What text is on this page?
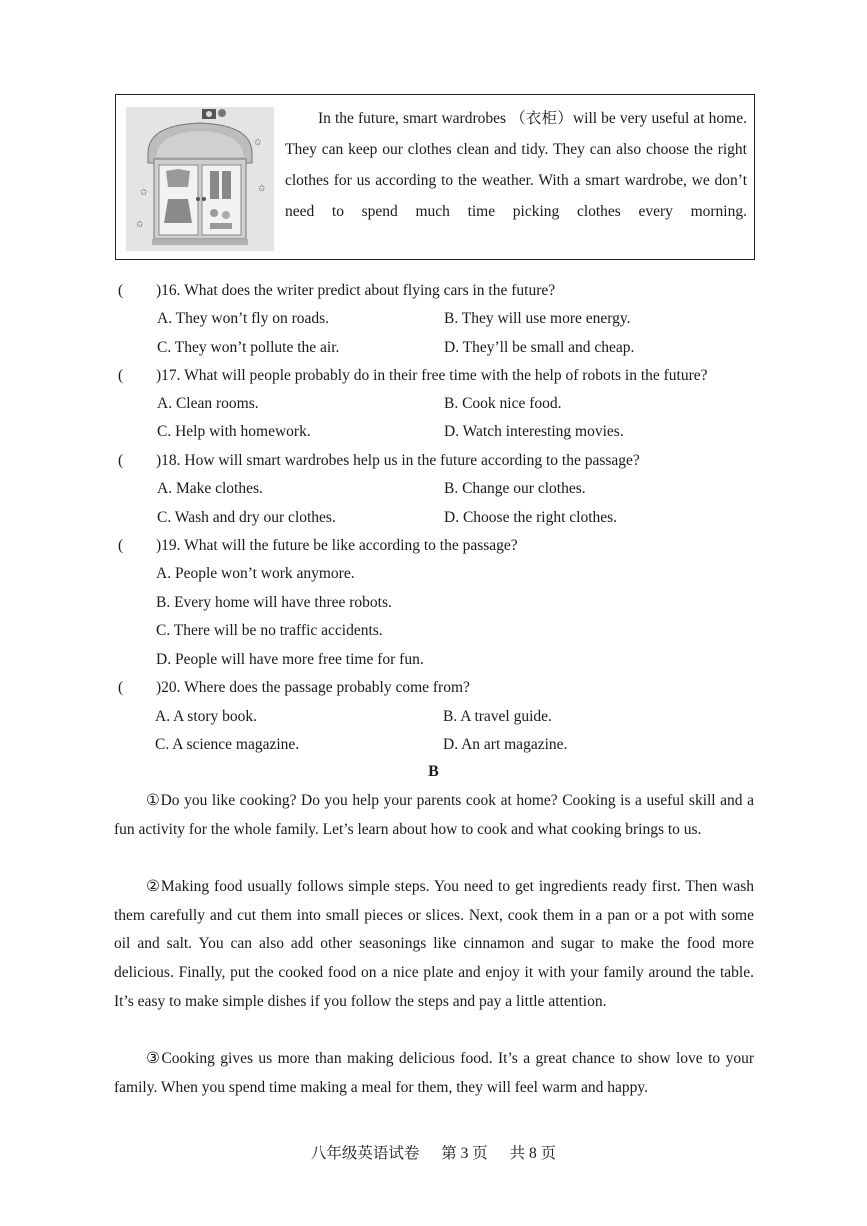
✩
✩
✩
✩
In the future, smart wardrobes （衣柜）will be very useful at home. They can keep our clothes clean and tidy. They can also choose the right clothes for us according to the weather. With a smart wardrobe, we don’t need to spend much time picking clothes every morning.
( )16. What does the writer predict about flying cars in the future?
A. They won’t fly on roads.	B. They will use more energy.
C. They won’t pollute the air.	D. They’ll be small and cheap.
( )17. What will people probably do in their free time with the help of robots in the future?
A. Clean rooms.	B. Cook nice food.
C. Help with homework.	D. Watch interesting movies.
( )18. How will smart wardrobes help us in the future according to the passage?
A. Make clothes.	B. Change our clothes.
C. Wash and dry our clothes.	D. Choose the right clothes.
( )19. What will the future be like according to the passage?
A. People won’t work anymore.
B. Every home will have three robots.
C. There will be no traffic accidents.
D. People will have more free time for fun.
( )20. Where does the passage probably come from?
A. A story book.	B. A travel guide.
C. A science magazine.	D. An art magazine.
B
①Do you like cooking? Do you help your parents cook at home? Cooking is a useful skill and a fun activity for the whole family. Let’s learn about how to cook and what cooking brings to us.
②Making food usually follows simple steps. You need to get ingredients ready first. Then wash them carefully and cut them into small pieces or slices. Next, cook them in a pan or a pot with some oil and salt. You can also add other seasonings like cinnamon and sugar to make the food more delicious. Finally, put the cooked food on a nice plate and enjoy it with your family around the table. It’s easy to make simple dishes if you follow the steps and pay a little attention.
③Cooking gives us more than making delicious food. It’s a great chance to show love to your family. When you spend time making a meal for them, they will feel warm and happy.
八年级英语试卷 第 3 页 共 8 页
